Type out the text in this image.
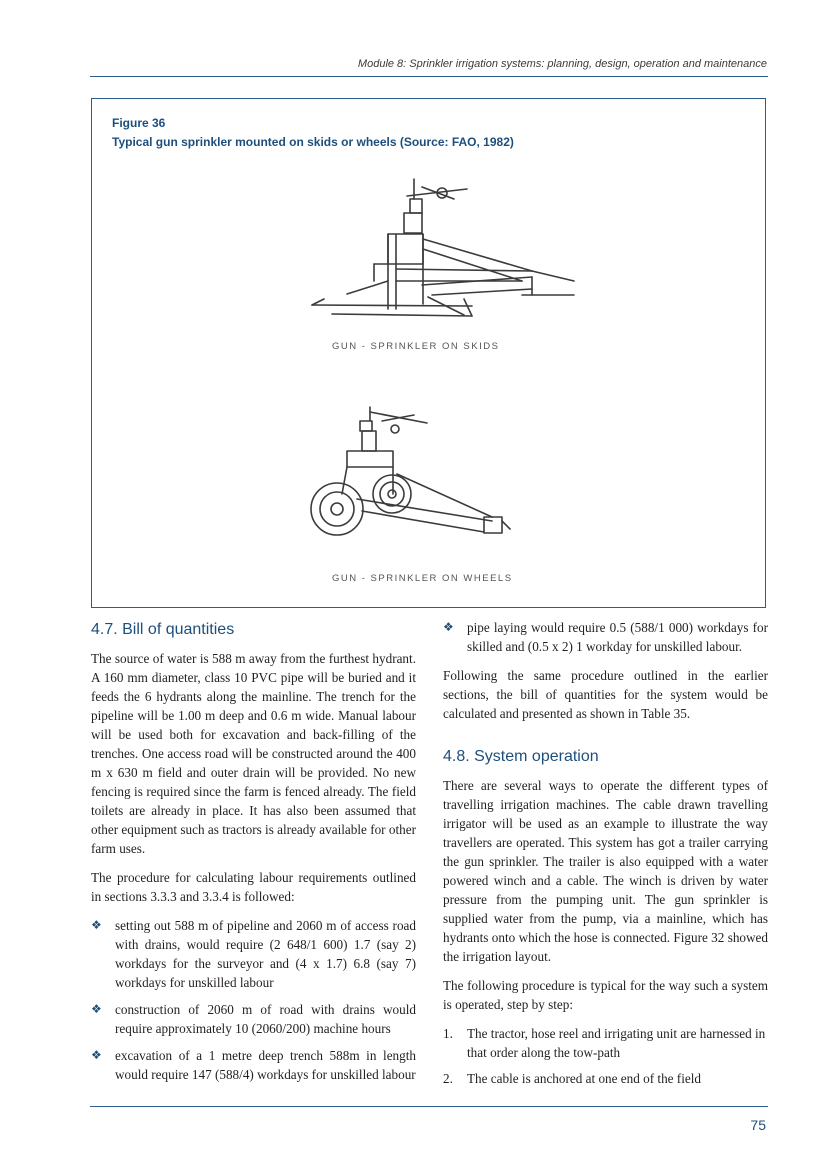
Module 8: Sprinkler irrigation systems: planning, design, operation and maintenance
Figure 36
Typical gun sprinkler mounted on skids or wheels (Source: FAO, 1982)
GUN - SPRINKLER ON SKIDS
GUN - SPRINKLER ON WHEELS
4.7. Bill of quantities

The source of water is 588 m away from the furthest hydrant. A 160 mm diameter, class 10 PVC pipe will be buried and it feeds the 6 hydrants along the mainline. The trench for the pipeline will be 1.00 m deep and 0.6 m wide. Manual labour will be used both for excavation and back-filling of the trenches. One access road will be constructed around the 400 m x 630 m field and outer drain will be provided. No new fencing is required since the farm is fenced already. The field toilets are already in place. It has also been assumed that other equipment such as tractors is already available for other farm uses.

The procedure for calculating labour requirements outlined in sections 3.3.3 and 3.3.4 is followed:

❖ setting out 588 m of pipeline and 2060 m of access road with drains, would require (2 648/1 600) 1.7 (say 2) workdays for the surveyor and (4 x 1.7) 6.8 (say 7) workdays for unskilled labour
❖ construction of 2060 m of road with drains would require approximately 10 (2060/200) machine hours
❖ excavation of a 1 metre deep trench 588m in length would require 147 (588/4) workdays for unskilled labour
❖ pipe laying would require 0.5 (588/1 000) workdays for skilled and (0.5 x 2) 1 workday for unskilled labour.

Following the same procedure outlined in the earlier sections, the bill of quantities for the system would be calculated and presented as shown in Table 35.

4.8. System operation

There are several ways to operate the different types of travelling irrigation machines. The cable drawn travelling irrigator will be used as an example to illustrate the way travellers are operated. This system has got a trailer carrying the gun sprinkler. The trailer is also equipped with a water powered winch and a cable. The winch is driven by water pressure from the pumping unit. The gun sprinkler is supplied water from the pump, via a mainline, which has hydrants onto which the hose is connected. Figure 32 showed the irrigation layout.

The following procedure is typical for the way such a system is operated, step by step:

1. The tractor, hose reel and irrigating unit are harnessed in that order along the tow-path
2. The cable is anchored at one end of the field
75
